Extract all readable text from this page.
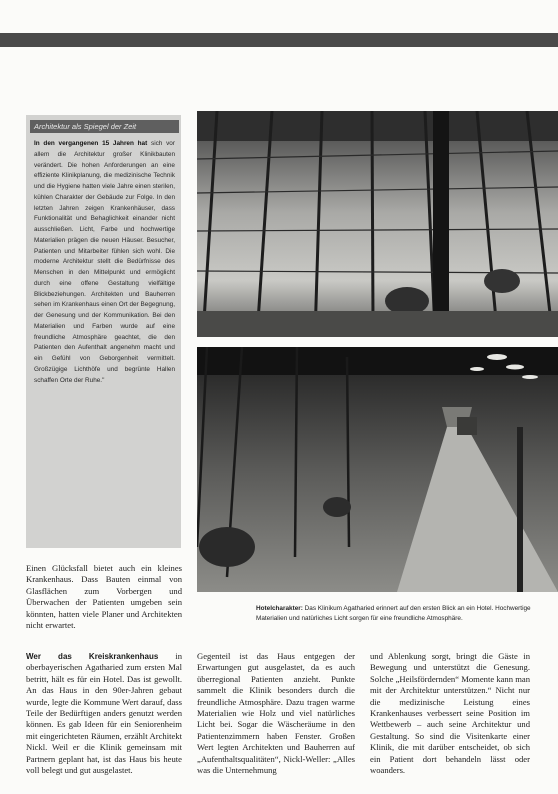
Architektur als Spiegel der Zeit

In den vergangenen 15 Jahren hat sich vor allem die Architektur großer Klinikbauten verändert. Die hohen Anforderungen an eine effiziente Klinikplanung, die medizinische Technik und die Hygiene hatten viele Jahre einen sterilen, kühlen Charakter der Gebäude zur Folge. In den letzten Jahren zeigen Krankenhäuser, dass Funktionalität und Behaglichkeit einander nicht ausschließen. Licht, Farbe und hochwertige Materialien prägen die neuen Häuser. Besucher, Patienten und Mitarbeiter fühlen sich wohl. Die moderne Architektur stellt die Bedürfnisse des Menschen in den Mittelpunkt und ermöglicht durch eine offene Gestaltung vielfältige Blickbeziehungen. Architekten und Bauherren sehen im Krankenhaus einen Ort der Begegnung, der Genesung und der Kommunikation. Bei den Materialien und Farben wurde auf eine freundliche Atmosphäre geachtet, die den Patienten den Aufenthalt angenehm macht und ein Gefühl von Geborgenheit vermittelt. Großzügige Lichthöfe und begrünte Hallen schaffen Orte der Ruhe."

Hotelcharakter: Das Klinikum Agatharied erinnert auf den ersten Blick an ein Hotel. Hochwertige Materialien und natürliches Licht sorgen für eine freundliche Atmosphäre.

Einen Glücksfall bietet auch ein kleines Krankenhaus. Dass Bauten einmal von Glasflächen zum Vorbergen und Überwachen der Patienten umgeben sein könnten, hatten viele Planer und Architekten nicht erwartet.

Wer das Kreiskrankenhaus in oberbayerischen Agatharied zum ersten Mal betritt, hält es für ein Hotel. Das ist gewollt. An das Haus in den 90er-Jahren gebaut wurde, legte die Kommune Wert darauf, dass Teile der Bedürftigen anders genutzt werden können. Es gab Ideen für ein Seniorenheim mit eingerichteten Räumen, erzählt Architekt Nickl. Weil er die Klinik gemeinsam mit Partnern geplant hat, ist das Haus bis heute voll belegt und gut ausgelastet.

Gegenteil ist das Haus entgegen der Erwartungen gut ausgelastet, da es auch überregional Patienten anzieht. Punkte sammelt die Klinik besonders durch die freundliche Atmosphäre. Dazu tragen warme Materialien wie Holz und viel natürliches Licht bei. Sogar die Wäscheräume in den Patientenzimmern haben Fenster. Großen Wert legten Architekten und Bauherren auf „Aufenthaltsqualitäten“, Nickl-Weller: „Alles was die Unternehmung

und Ablenkung sorgt, bringt die Gäste in Bewegung und unterstützt die Genesung. Solche „Heilsfördernden“ Momente kann man mit der Architektur unterstützen.“ Nicht nur die medizinische Leistung eines Krankenhauses verbessert seine Position im Wettbewerb – auch seine Architektur und Gestaltung. So sind die Visitenkarte einer Klinik, die mit darüber entscheidet, ob sich ein Patient dort behandeln lässt oder woanders.
